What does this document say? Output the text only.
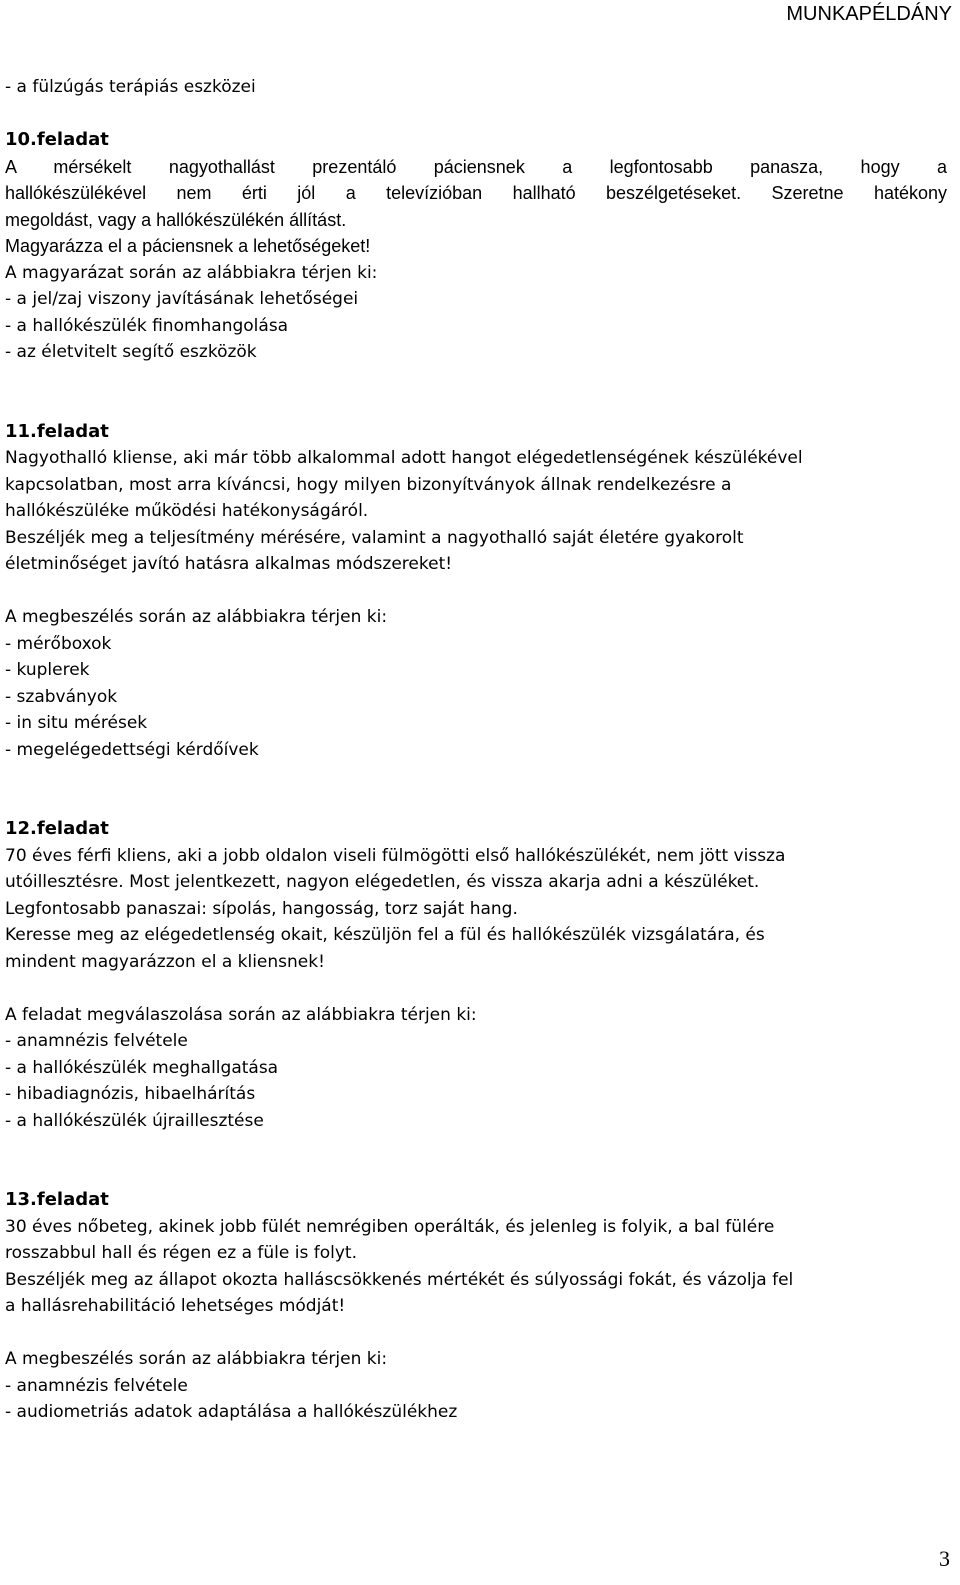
MUNKAPÉLDÁNY
- a fülzúgás terápiás eszközei
10.feladat
A mérsékelt nagyothallást prezentáló páciensnek a legfontosabb panasza, hogy a
hallókészülékével nem érti jól a televízióban hallható beszélgetéseket. Szeretne hatékony
megoldást, vagy a hallókészülékén állítást.
Magyarázza el a páciensnek a lehetőségeket!
A magyarázat során az alábbiakra térjen ki:
- a jel/zaj viszony javításának lehetőségei
- a hallókészülék finomhangolása
- az életvitelt segítő eszközök
11.feladat
Nagyothalló kliense, aki már több alkalommal adott hangot elégedetlenségének készülékével
kapcsolatban, most arra kíváncsi, hogy milyen bizonyítványok állnak rendelkezésre a
hallókészüléke működési hatékonyságáról.
Beszéljék meg a teljesítmény mérésére, valamint a nagyothalló saját életére gyakorolt
életminőséget javító hatásra alkalmas módszereket!
A megbeszélés során az alábbiakra térjen ki:
- mérőboxok
- kuplerek
- szabványok
- in situ mérések
- megelégedettségi kérdőívek
12.feladat
70 éves férfi kliens, aki a jobb oldalon viseli fülmögötti első hallókészülékét, nem jött vissza
utóillesztésre. Most jelentkezett, nagyon elégedetlen, és vissza akarja adni a készüléket.
Legfontosabb panaszai: sípolás, hangosság, torz saját hang.
Keresse meg az elégedetlenség okait, készüljön fel a fül és hallókészülék vizsgálatára, és
mindent magyarázzon el a kliensnek!
A feladat megválaszolása során az alábbiakra térjen ki:
- anamnézis felvétele
- a hallókészülék meghallgatása
- hibadiagnózis, hibaelhárítás
- a hallókészülék újraillesztése
13.feladat
30 éves nőbeteg, akinek jobb fülét nemrégiben operálták, és jelenleg is folyik, a bal fülére
rosszabbul hall és régen ez a füle is folyt.
Beszéljék meg az állapot okozta halláscsökkenés mértékét és súlyossági fokát, és vázolja fel
a hallásrehabilitáció lehetséges módját!
A megbeszélés során az alábbiakra térjen ki:
- anamnézis felvétele
- audiometriás adatok adaptálása a hallókészülékhez
3
